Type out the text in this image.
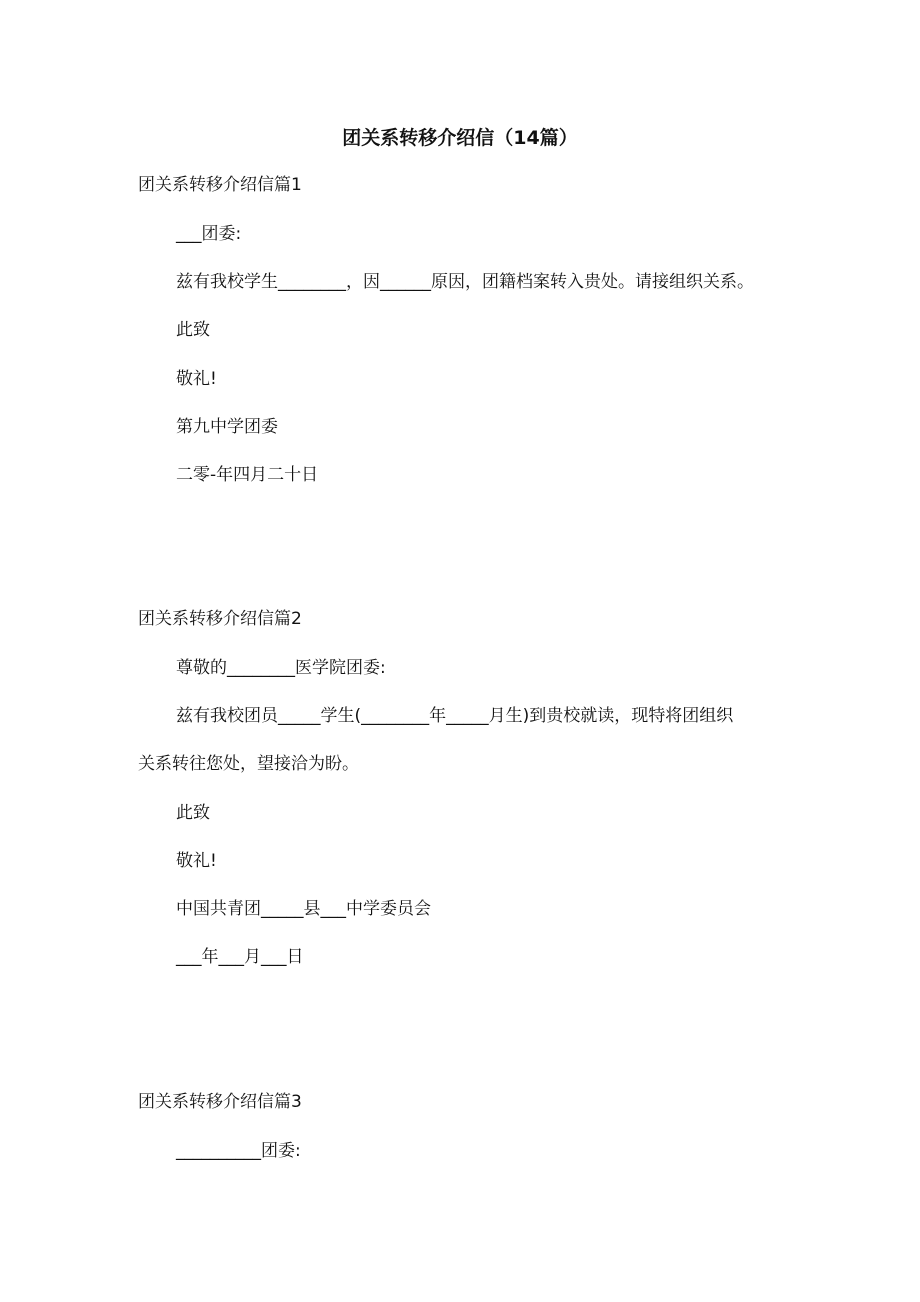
团关系转移介绍信（14篇）

团关系转移介绍信篇1

___团委:

兹有我校学生________，因______原因，团籍档案转入贵处。请接组织关系。

此致

敬礼!

第九中学团委

二零-年四月二十日

团关系转移介绍信篇2

尊敬的________医学院团委:

兹有我校团员_____学生(________年_____月生)到贵校就读，现特将团组织

关系转往您处，望接洽为盼。

此致

敬礼!

中国共青团_____县___中学委员会

___年___月___日

团关系转移介绍信篇3

__________团委:
